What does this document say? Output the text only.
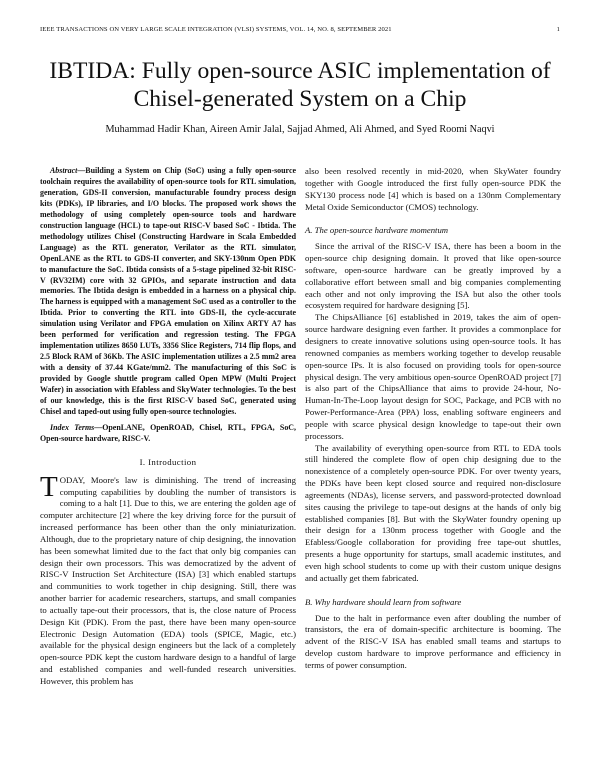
IEEE TRANSACTIONS ON VERY LARGE SCALE INTEGRATION (VLSI) SYSTEMS, VOL. 14, NO. 8, SEPTEMBER 2021	1
IBTIDA: Fully open-source ASIC implementation of Chisel-generated System on a Chip
Muhammad Hadir Khan, Aireen Amir Jalal, Sajjad Ahmed, Ali Ahmed, and Syed Roomi Naqvi

Abstract—Building a System on Chip (SoC) using a fully open-source toolchain requires the availability of open-source tools for RTL simulation, generation, GDS-II conversion, manufacturable foundry process design kits (PDKs), IP libraries, and I/O blocks. The proposed work shows the methodology of using completely open-source tools and hardware construction language (HCL) to tape-out RISC-V based SoC - Ibtida. The methodology utilizes Chisel (Constructing Hardware in Scala Embedded Language) as the RTL generator, Verilator as the RTL simulator, OpenLANE as the RTL to GDS-II converter, and SKY-130nm Open PDK to manufacture the SoC. Ibtida consists of a 5-stage pipelined 32-bit RISC-V (RV32IM) core with 32 GPIOs, and separate instruction and data memories. The Ibtida design is embedded in a harness on a physical chip. The harness is equipped with a management SoC used as a controller to the Ibtida. Prior to converting the RTL into GDS-II, the cycle-accurate simulation using Verilator and FPGA emulation on Xilinx ARTY A7 has been performed for verification and regression testing. The FPGA implementation utilizes 8650 LUTs, 3356 Slice Registers, 714 flip flops, and 2.5 Block RAM of 36Kb. The ASIC implementation utilizes a 2.5 mm2 area with a density of 37.44 KGate/mm2. The manufacturing of this SoC is provided by Google shuttle program called Open MPW (Multi Project Wafer) in association with Efabless and SkyWater technologies. To the best of our knowledge, this is the first RISC-V based SoC, generated using Chisel and taped-out using fully open-source technologies.

Index Terms—OpenLANE, OpenROAD, Chisel, RTL, FPGA, SoC, Open-source hardware, RISC-V.

I. Introduction

TODAY, Moore's law is diminishing. The trend of increasing computing capabilities by doubling the number of transistors is coming to a halt [1]. Due to this, we are entering the golden age of computer architecture [2] where the key driving force for the pursuit of increased performance has been other than the only miniaturization. Although, due to the proprietary nature of chip designing, the innovation has been somewhat limited due to the fact that only big companies can design their own processors. This was democratized by the advent of RISC-V Instruction Set Architecture (ISA) [3] which enabled startups and communities to work together in chip designing. Still, there was another barrier for academic researchers, startups, and small companies to actually tape-out their processors, that is, the close nature of Process Design Kit (PDK). From the past, there have been many open-source Electronic Design Automation (EDA) tools (SPICE, Magic, etc.) available for the physical design engineers but the lack of a completely open-source PDK kept the custom hardware design to a handful of large and established companies and well-funded research universities. However, this problem has

also been resolved recently in mid-2020, when SkyWater foundry together with Google introduced the first fully open-source PDK the SKY130 process node [4] which is based on a 130nm Complementary Metal Oxide Semiconductor (CMOS) technology.

A. The open-source hardware momentum

Since the arrival of the RISC-V ISA, there has been a boom in the open-source chip designing domain. It proved that like open-source software, open-source hardware can be greatly improved by a collaborative effort between small and big companies complementing each other and not only improving the ISA but also the other tools ecosystem required for hardware designing [5].

The ChipsAlliance [6] established in 2019, takes the aim of open-source hardware designing even farther. It provides a commonplace for designers to create innovative solutions using open-source tools. It has renowned companies as members working together to develop reusable open-source IPs. It is also focused on providing tools for open-source physical design. The very ambitious open-source OpenROAD project [7] is also part of the ChipsAlliance that aims to provide 24-hour, No-Human-In-The-Loop layout design for SOC, Package, and PCB with no Power-Performance-Area (PPA) loss, enabling software engineers and people with scarce physical design knowledge to tape-out their own processors.

The availability of everything open-source from RTL to EDA tools still hindered the complete flow of open chip designing due to the nonexistence of a completely open-source PDK. For over twenty years, the PDKs have been kept closed source and required non-disclosure agreements (NDAs), license servers, and password-protected download sites causing the privilege to tape-out designs at the hands of only big established companies [8]. But with the SkyWater foundry opening up their design for a 130nm process together with Google and the Efabless/Google collaboration for providing free tape-out shuttles, presents a huge opportunity for startups, small academic institutes, and even high school students to come up with their custom unique designs and actually get them fabricated.

B. Why hardware should learn from software

Due to the halt in performance even after doubling the number of transistors, the era of domain-specific architecture is booming. The advent of the RISC-V ISA has enabled small teams and startups to develop custom hardware to improve performance and efficiency in terms of power consumption.
